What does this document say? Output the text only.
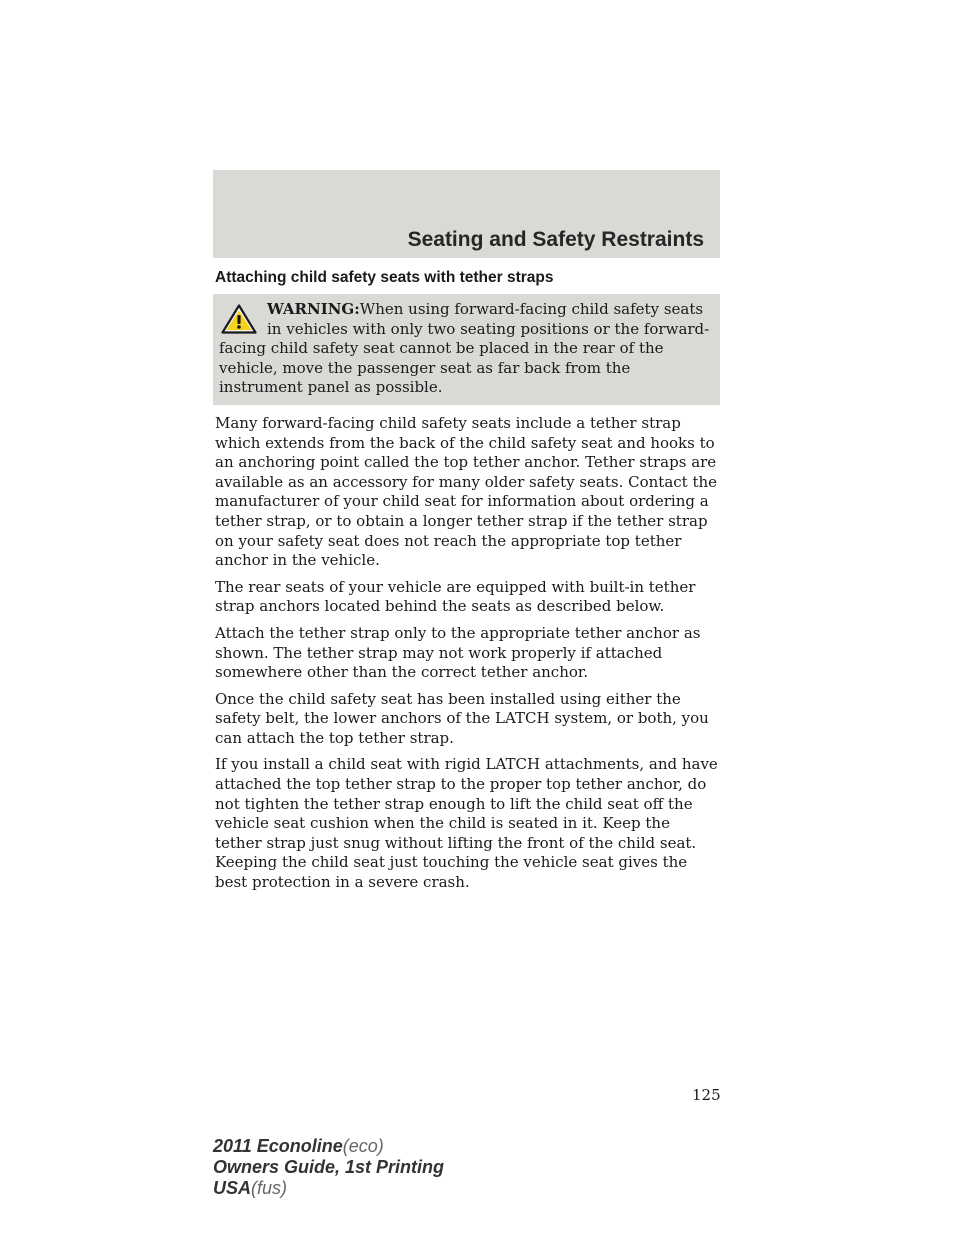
Seating and Safety Restraints
Attaching child safety seats with tether straps
WARNING:When using forward-facing child safety seats in vehicles with only two seating positions or the forward-facing child safety seat cannot be placed in the rear of the vehicle, move the passenger seat as far back from the instrument panel as possible.

Many forward-facing child safety seats include a tether strap which extends from the back of the child safety seat and hooks to an anchoring point called the top tether anchor. Tether straps are available as an accessory for many older safety seats. Contact the manufacturer of your child seat for information about ordering a tether strap, or to obtain a longer tether strap if the tether strap on your safety seat does not reach the appropriate top tether anchor in the vehicle.

The rear seats of your vehicle are equipped with built-in tether strap anchors located behind the seats as described below.

Attach the tether strap only to the appropriate tether anchor as shown. The tether strap may not work properly if attached somewhere other than the correct tether anchor.

Once the child safety seat has been installed using either the safety belt, the lower anchors of the LATCH system, or both, you can attach the top tether strap.

If you install a child seat with rigid LATCH attachments, and have attached the top tether strap to the proper top tether anchor, do not tighten the tether strap enough to lift the child seat off the vehicle seat cushion when the child is seated in it. Keep the tether strap just snug without lifting the front of the child seat. Keeping the child seat just touching the vehicle seat gives the best protection in a severe crash.

125
2011 Econoline(eco)
Owners Guide, 1st Printing
USA(fus)
